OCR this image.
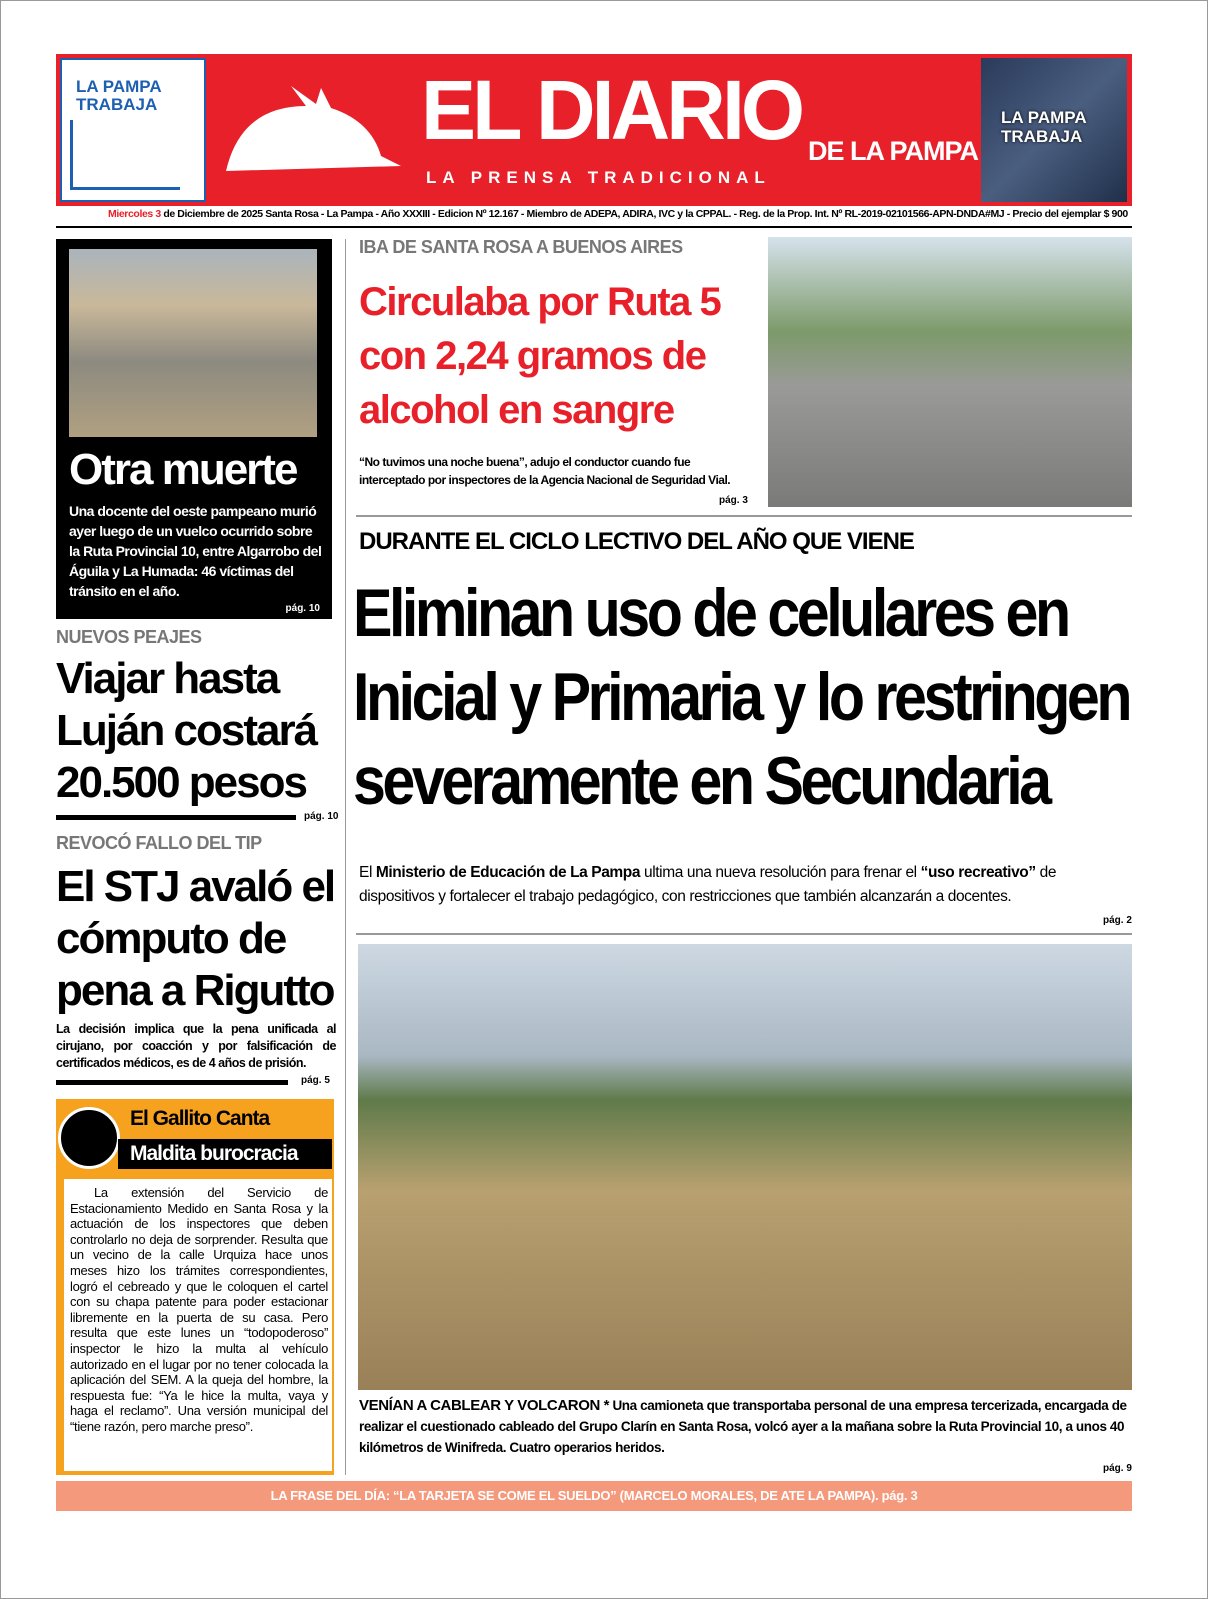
LA PAMPA
TRABAJA	EL DIARIO DE LA PAMPA
LA PRENSA TRADICIONAL
LA PAMPA
TRABAJA
Miercoles 3 de Diciembre de 2025 Santa Rosa - La Pampa - Año XXXIII - Edicion Nº 12.167 - Miembro de ADEPA, ADIRA, IVC y la CPPAL. - Reg. de la Prop. Int. Nº RL-2019-02101566-APN-DNDA#MJ - Precio del ejemplar $ 900
Otra muerte
Una docente del oeste pampeano murió ayer luego de un vuelco ocurrido sobre la Ruta Provincial 10, entre Algarrobo del Águila y La Humada: 46 víctimas del tránsito en el año.
pág. 10
NUEVOS PEAJES
Viajar hasta Luján costará 20.500 pesos
pág. 10
REVOCÓ FALLO DEL TIP
El STJ avaló el cómputo de pena a Rigutto
La decisión implica que la pena unificada al cirujano, por coacción y por falsificación de certificados médicos, es de 4 años de prisión.
pág. 5
El Gallito Canta
Maldita burocracia
La extensión del Servicio de Estacionamiento Medido en Santa Rosa y la actuación de los inspectores que deben controlarlo no deja de sorprender. Resulta que un vecino de la calle Urquiza hace unos meses hizo los trámites correspondientes, logró el cebreado y que le coloquen el cartel con su chapa patente para poder estacionar libremente en la puerta de su casa. Pero resulta que este lunes un “todopoderoso” inspector le hizo la multa al vehículo autorizado en el lugar por no tener colocada la aplicación del SEM. A la queja del hombre, la respuesta fue: “Ya le hice la multa, vaya y haga el reclamo”. Una versión municipal del “tiene razón, pero marche preso”.
IBA DE SANTA ROSA A BUENOS AIRES
Circulaba por Ruta 5 con 2,24 gramos de alcohol en sangre
“No tuvimos una noche buena”, adujo el conductor cuando fue interceptado por inspectores de la Agencia Nacional de Seguridad Vial.
pág. 3
DURANTE EL CICLO LECTIVO DEL AÑO QUE VIENE
Eliminan uso de celulares en Inicial y Primaria y lo restringen severamente en Secundaria
El Ministerio de Educación de La Pampa ultima una nueva resolución para frenar el “uso recreativo” de dispositivos y fortalecer el trabajo pedagógico, con restricciones que también alcanzarán a docentes.
pág. 2
VENÍAN A CABLEAR Y VOLCARON * Una camioneta que transportaba personal de una empresa tercerizada, encargada de realizar el cuestionado cableado del Grupo Clarín en Santa Rosa, volcó ayer a la mañana sobre la Ruta Provincial 10, a unos 40 kilómetros de Winifreda. Cuatro operarios heridos.
pág. 9
LA FRASE DEL DÍA: “LA TARJETA SE COME EL SUELDO” (MARCELO MORALES, DE ATE LA PAMPA). pág. 3
